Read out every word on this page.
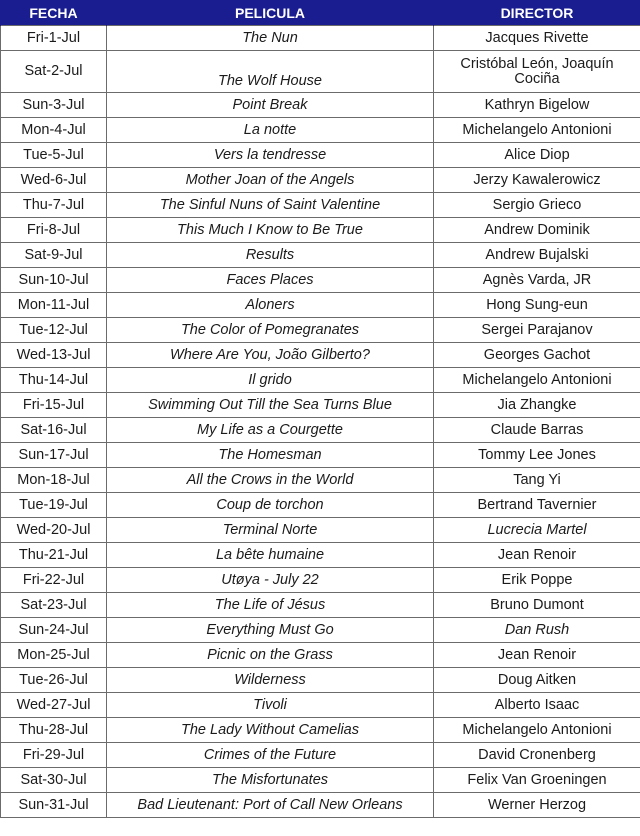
FECHA	PELICULA	DIRECTOR
Fri-1-Jul	The Nun	Jacques Rivette
Sat-2-Jul	The Wolf House	Cristóbal León, Joaquín Cociña
Sun-3-Jul	Point Break	Kathryn Bigelow
Mon-4-Jul	La notte	Michelangelo Antonioni
Tue-5-Jul	Vers la tendresse	Alice Diop
Wed-6-Jul	Mother Joan of the Angels	Jerzy Kawalerowicz
Thu-7-Jul	The Sinful Nuns of Saint Valentine	Sergio Grieco
Fri-8-Jul	This Much I Know to Be True	Andrew Dominik
Sat-9-Jul	Results	Andrew Bujalski
Sun-10-Jul	Faces Places	Agnès Varda, JR
Mon-11-Jul	Aloners	Hong Sung-eun
Tue-12-Jul	The Color of Pomegranates	Sergei Parajanov
Wed-13-Jul	Where Are You, João Gilberto?	Georges Gachot
Thu-14-Jul	Il grido	Michelangelo Antonioni
Fri-15-Jul	Swimming Out Till the Sea Turns Blue	Jia Zhangke
Sat-16-Jul	My Life as a Courgette	Claude Barras
Sun-17-Jul	The Homesman	Tommy Lee Jones
Mon-18-Jul	All the Crows in the World	Tang Yi
Tue-19-Jul	Coup de torchon	Bertrand Tavernier
Wed-20-Jul	Terminal Norte	Lucrecia Martel
Thu-21-Jul	La bête humaine	Jean Renoir
Fri-22-Jul	Utøya - July 22	Erik Poppe
Sat-23-Jul	The Life of Jésus	Bruno Dumont
Sun-24-Jul	Everything Must Go	Dan Rush
Mon-25-Jul	Picnic on the Grass	Jean Renoir
Tue-26-Jul	Wilderness	Doug Aitken
Wed-27-Jul	Tivoli	Alberto Isaac
Thu-28-Jul	The Lady Without Camelias	Michelangelo Antonioni
Fri-29-Jul	Crimes of the Future	David Cronenberg
Sat-30-Jul	The Misfortunates	Felix Van Groeningen
Sun-31-Jul	Bad Lieutenant: Port of Call New Orleans	Werner Herzog
